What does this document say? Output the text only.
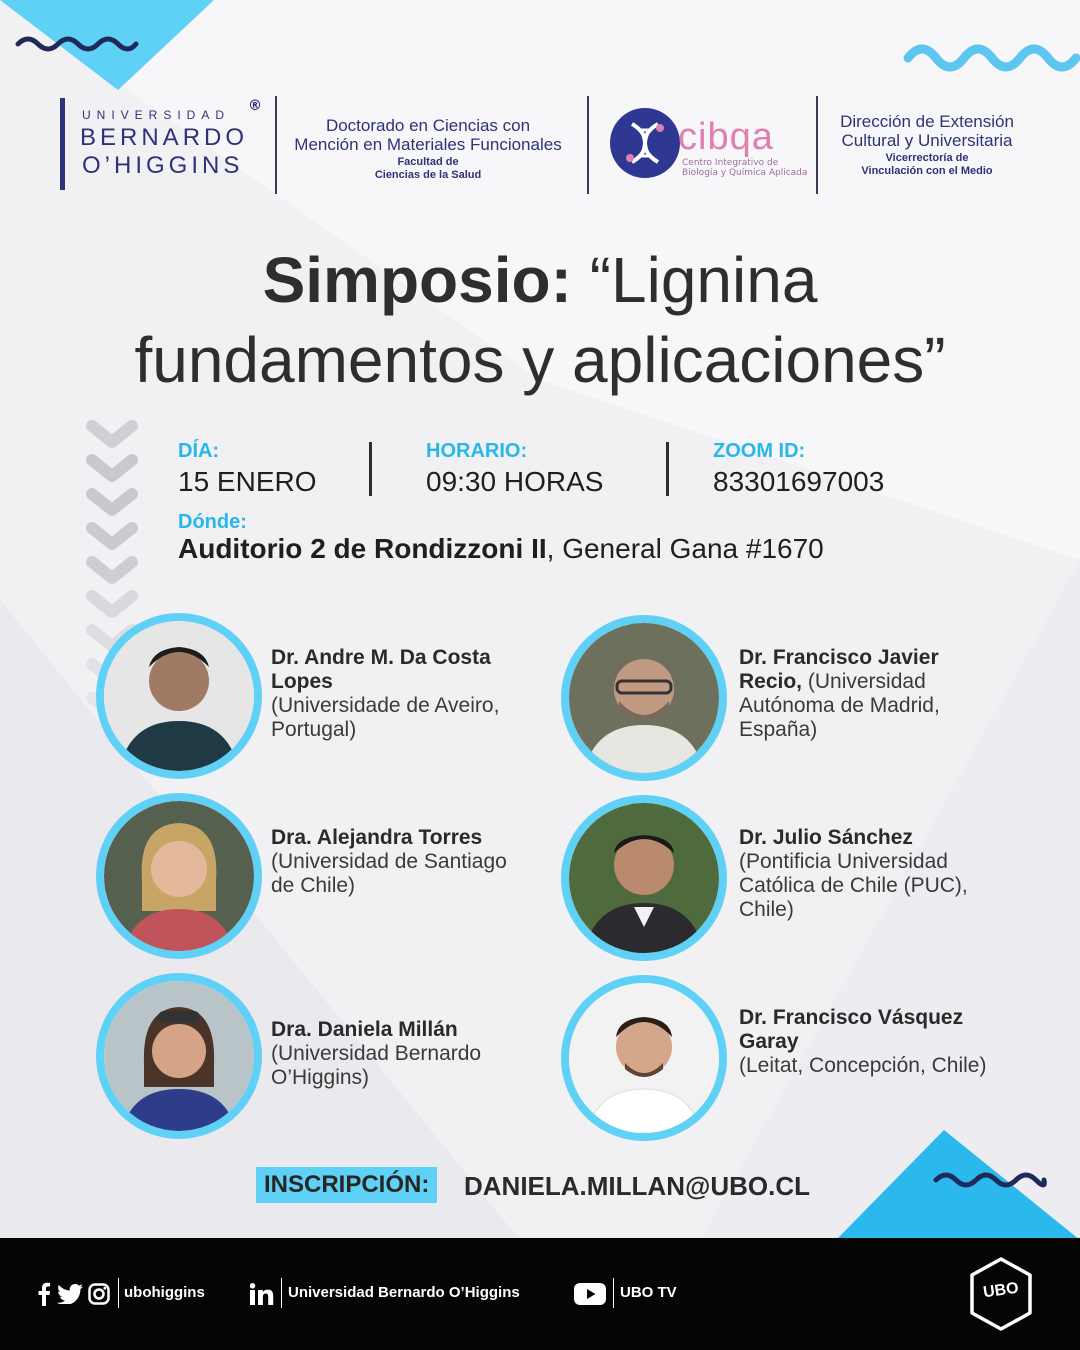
UNIVERSIDAD
BERNARDO
O’HIGGINS
®
Doctorado en Ciencias con
Mención en Materiales Funcionales
Facultad de
Ciencias de la Salud
cibqa
Centro Integrativo de
Biología y Química Aplicada
Dirección de Extensión
Cultural y Universitaria
Vicerrectoría de
Vinculación con el Medio
Simposio: “Lignina
fundamentos y aplicaciones”
DÍA:
15 ENERO
HORARIO:
09:30 HORAS
ZOOM ID:
83301697003
Dónde:
Auditorio 2 de Rondizzoni II, General Gana #1670
Dr. Andre M. Da Costa Lopes
(Universidade de Aveiro, Portugal)
Dr. Francisco Javier Recio, (Universidad Autónoma de Madrid, España)
Dra. Alejandra Torres
(Universidad de Santiago de Chile)
Dr. Julio Sánchez
(Pontificia Universidad Católica de Chile (PUC), Chile)
Dra. Daniela Millán
(Universidad Bernardo O’Higgins)
Dr. Francisco Vásquez Garay
(Leitat, Concepción, Chile)
INSCRIPCIÓN:	DANIELA.MILLAN@UBO.CL
ubohiggins	Universidad Bernardo O’Higgins	UBO TV	UBO
